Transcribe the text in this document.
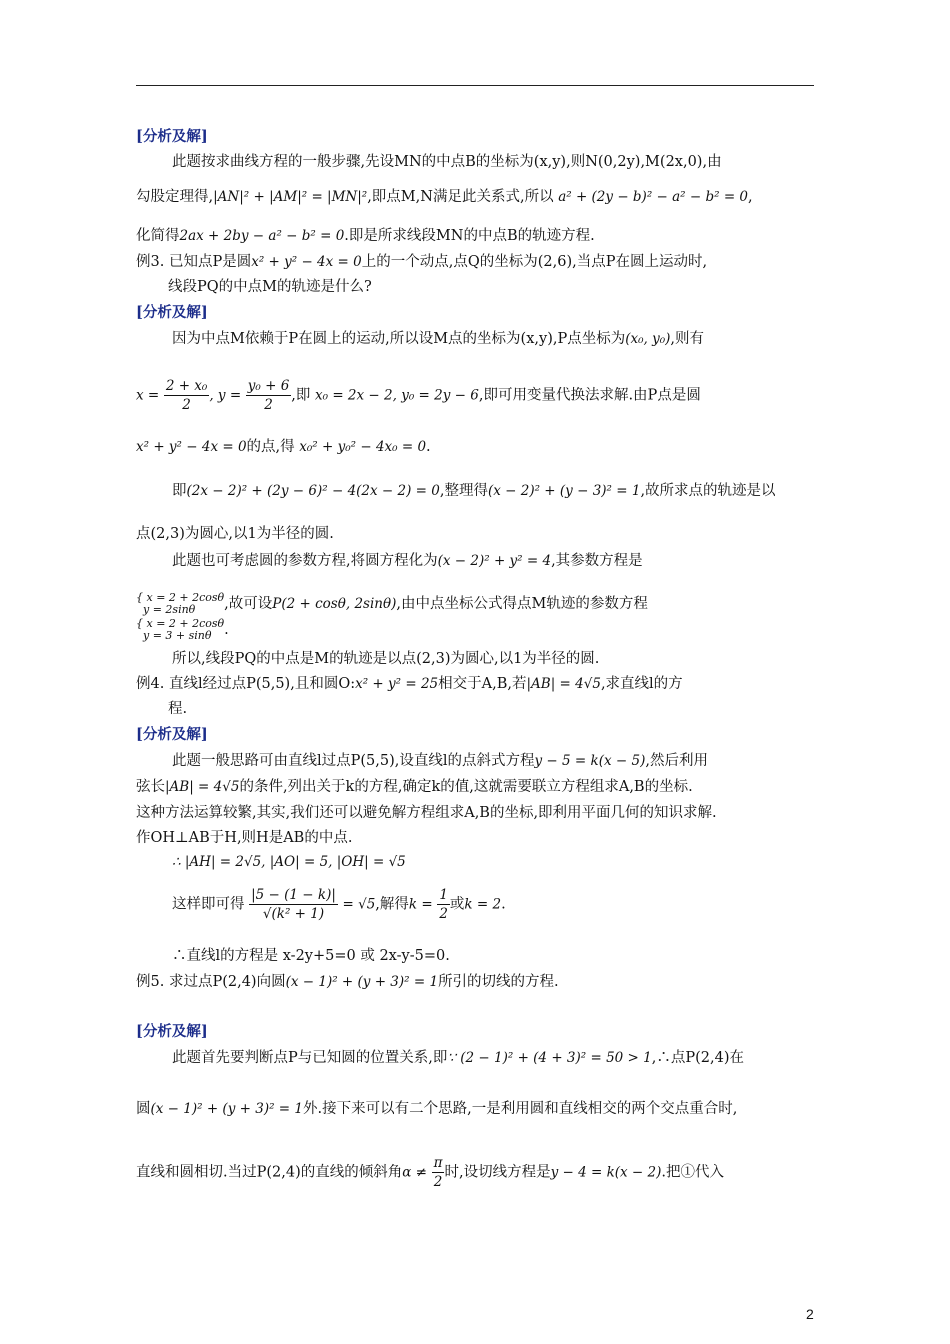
[分析及解]
此题按求曲线方程的一般步骤,先设MN的中点B的坐标为(x,y),则N(0,2y),M(2x,0),由
勾股定理得,|AN|² + |AM|² = |MN|²,即点M,N满足此关系式,所以 a² + (2y − b)² − a² − b² = 0,
化简得2ax + 2by − a² − b² = 0.即是所求线段MN的中点B的轨迹方程.
例3. 已知点P是圆x² + y² − 4x = 0上的一个动点,点Q的坐标为(2,6),当点P在圆上运动时,
线段PQ的中点M的轨迹是什么?
[分析及解]
因为中点M依赖于P在圆上的运动,所以设M点的坐标为(x,y),P点坐标为(x₀, y₀),则有
$x = \frac{\text{2 + x₀}}{2}$ , $y = \frac{\text{y₀ + 6}}{2}$ ,即 x₀ = 2x − 2, y₀ = 2y − 6,即可用变量代换法求解.由P点是圆
x² + y² − 4x = 0的点,得 x₀² + y₀² − 4x₀ = 0.
即(2x − 2)² + (2y − 6)² − 4(2x − 2) = 0,整理得(x − 2)² + (y − 3)² = 1,故所求点的轨迹是以
点(2,3)为圆心,以1为半径的圆.
此题也可考虑圆的参数方程,将圆方程化为(x − 2)² + y² = 4,其参数方程是
{ x = 2 + 2cosθ
y = 2sinθ ,故可设P(2 + cosθ, 2sinθ),由中点坐标公式得点M轨迹的参数方程
{ x = 2 + 2cosθ
y = 3 + sinθ .
所以,线段PQ的中点是M的轨迹是以点(2,3)为圆心,以1为半径的圆.
例4. 直线l经过点P(5,5),且和圆O:x² + y² = 25相交于A,B,若|AB| = 4√5,求直线l的方
程.
[分析及解]
此题一般思路可由直线l过点P(5,5),设直线l的点斜式方程y − 5 = k(x − 5),然后利用
弦长|AB| = 4√5的条件,列出关于k的方程,确定k的值,这就需要联立方程组求A,B的坐标.
这种方法运算较繁,其实,我们还可以避免解方程组求A,B的坐标,即利用平面几何的知识求解.
作OH⊥AB于H,则H是AB的中点.
∴ |AH| = 2√5, |AO| = 5, |OH| = √5
这样即可得 $\frac{|5 - (1 - k)|}{\text{√(k² + 1)}} = √5$,解得$k = \frac{1}{2}$ 或k = 2.
∴直线l的方程是 x-2y+5=0 或 2x-y-5=0.
例5. 求过点P(2,4)向圆(x − 1)² + (y + 3)² = 1所引的切线的方程.
[分析及解]
此题首先要判断点P与已知圆的位置关系,即∵ (2 − 1)² + (4 + 3)² = 50 > 1,∴点P(2,4)在
圆(x − 1)² + (y + 3)² = 1外.接下来可以有二个思路,一是利用圆和直线相交的两个交点重合时,
直线和圆相切.当过P(2,4)的直线的倾斜角$\alpha \ne \frac{\pi}{2}$ 时,设切线方程是y − 4 = k(x − 2).把①代入
2
